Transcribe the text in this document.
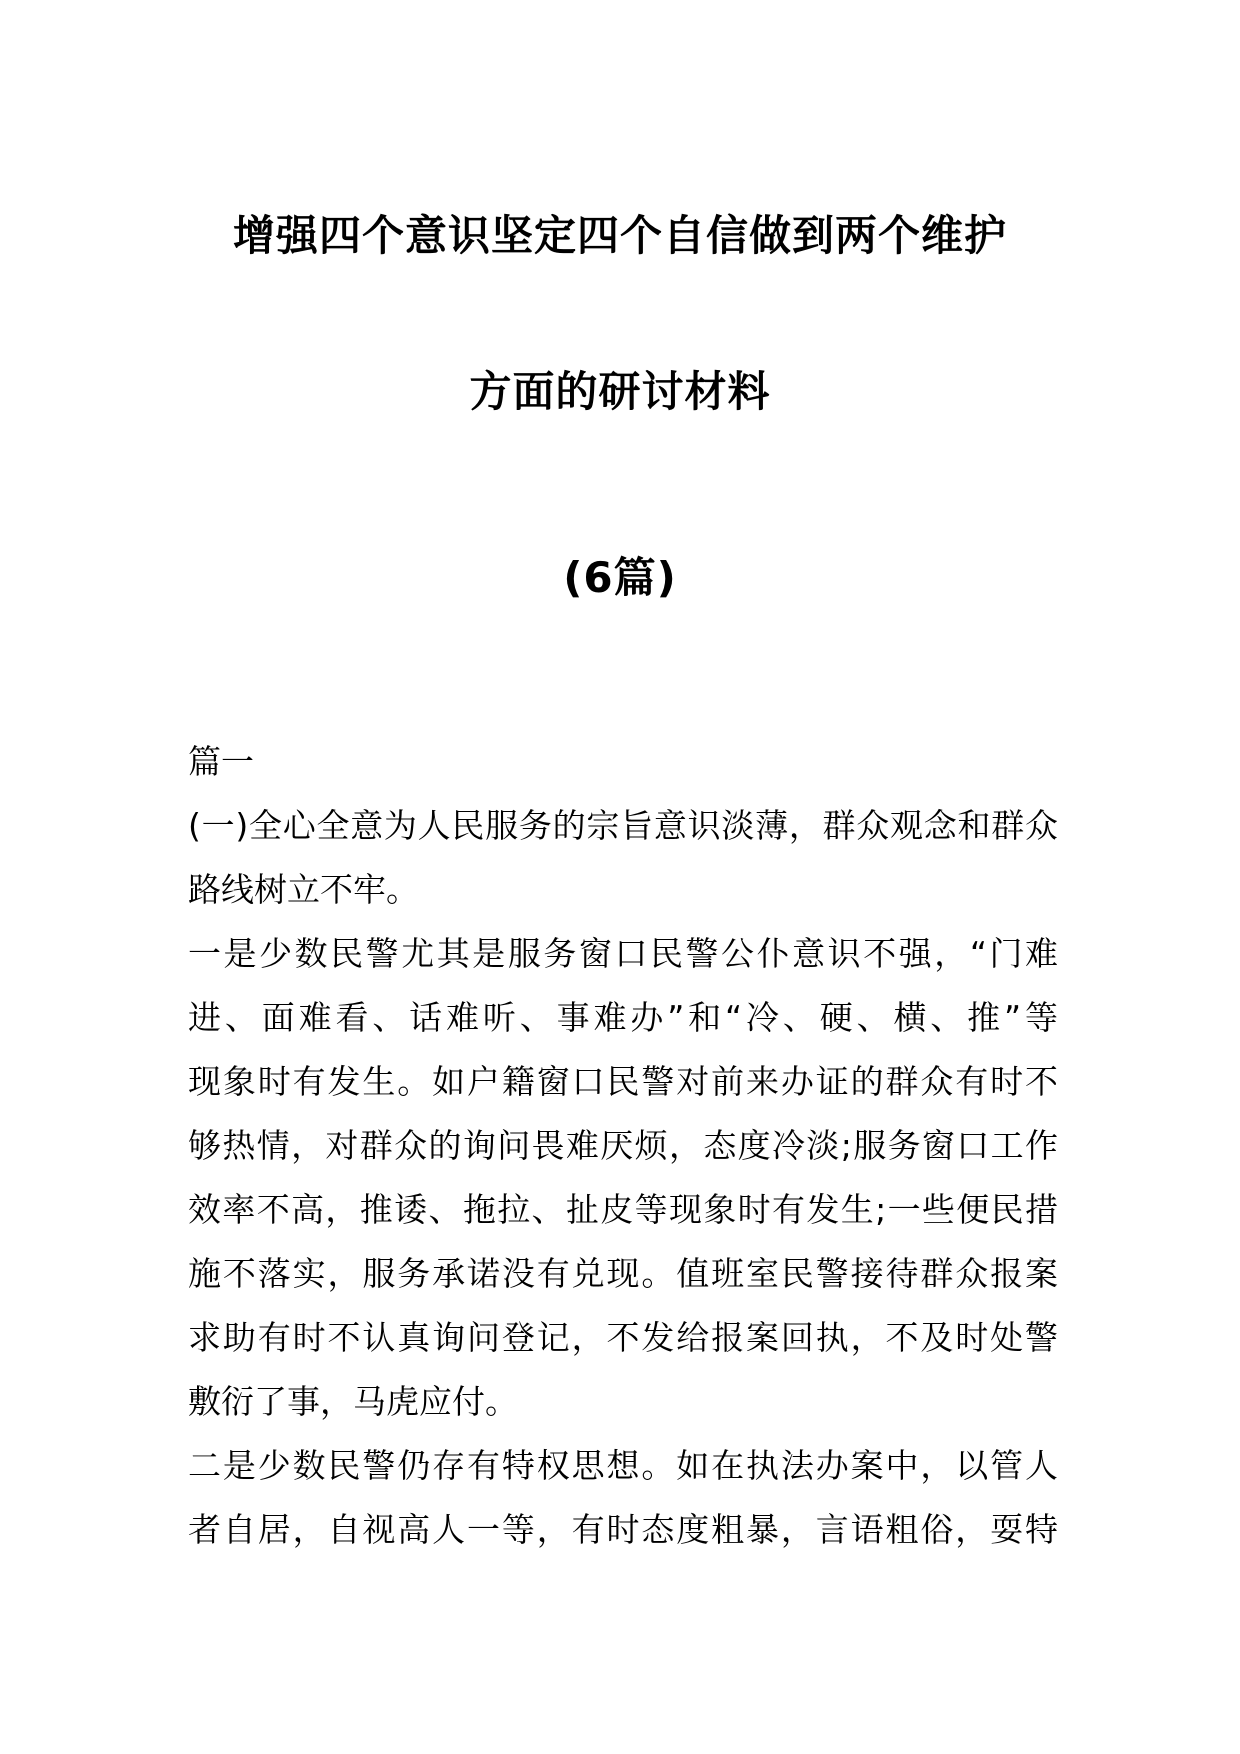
增强四个意识坚定四个自信做到两个维护
方面的研讨材料
(6篇)
篇一
(一)全心全意为人民服务的宗旨意识淡薄，群众观念和群众
路线树立不牢。
一是少数民警尤其是服务窗口民警公仆意识不强，“门难
进、面难看、话难听、事难办”和“冷、硬、横、推”等
现象时有发生。如户籍窗口民警对前来办证的群众有时不
够热情，对群众的询问畏难厌烦，态度冷淡;服务窗口工作
效率不高，推诿、拖拉、扯皮等现象时有发生;一些便民措
施不落实，服务承诺没有兑现。值班室民警接待群众报案
求助有时不认真询问登记，不发给报案回执，不及时处警
敷衍了事，马虎应付。
二是少数民警仍存有特权思想。如在执法办案中，以管人
者自居，自视高人一等，有时态度粗暴，言语粗俗，耍特
